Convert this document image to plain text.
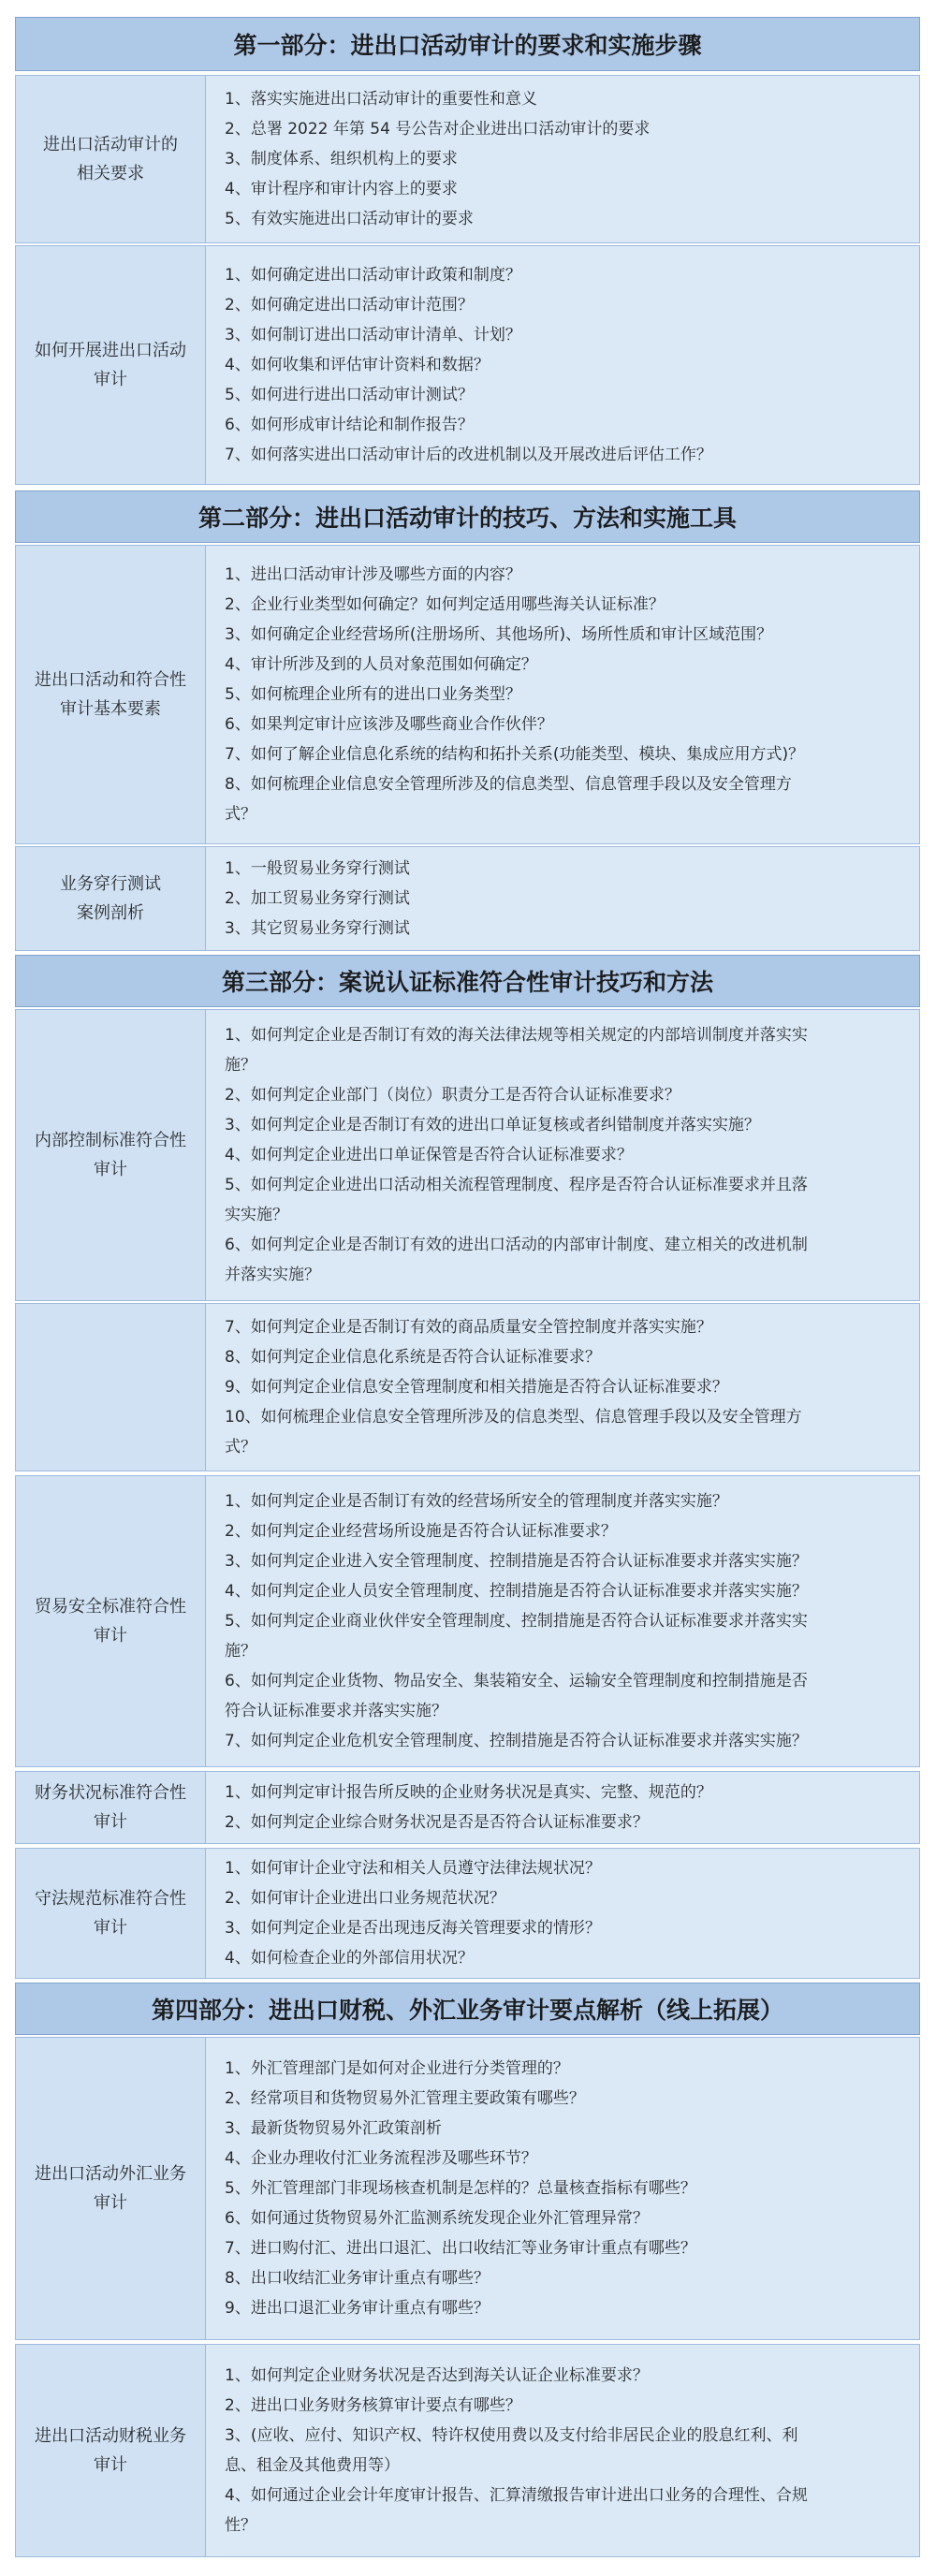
第一部分：进出口活动审计的要求和实施步骤
进出口活动审计的
相关要求
1、落实实施进出口活动审计的重要性和意义
2、总署 2022 年第 54 号公告对企业进出口活动审计的要求
3、制度体系、组织机构上的要求
4、审计程序和审计内容上的要求
5、有效实施进出口活动审计的要求
如何开展进出口活动
审计
1、如何确定进出口活动审计政策和制度？
2、如何确定进出口活动审计范围？
3、如何制订进出口活动审计清单、计划？
4、如何收集和评估审计资料和数据？
5、如何进行进出口活动审计测试？
6、如何形成审计结论和制作报告？
7、如何落实进出口活动审计后的改进机制以及开展改进后评估工作？
第二部分：进出口活动审计的技巧、方法和实施工具
进出口活动和符合性
审计基本要素
1、进出口活动审计涉及哪些方面的内容？
2、企业行业类型如何确定？如何判定适用哪些海关认证标准？
3、如何确定企业经营场所(注册场所、其他场所)、场所性质和审计区域范围？
4、审计所涉及到的人员对象范围如何确定？
5、如何梳理企业所有的进出口业务类型？
6、如果判定审计应该涉及哪些商业合作伙伴？
7、如何了解企业信息化系统的结构和拓扑关系(功能类型、模块、集成应用方式)？
8、如何梳理企业信息安全管理所涉及的信息类型、信息管理手段以及安全管理方
式？
业务穿行测试
案例剖析
1、一般贸易业务穿行测试
2、加工贸易业务穿行测试
3、其它贸易业务穿行测试
第三部分：案说认证标准符合性审计技巧和方法
内部控制标准符合性
审计
1、如何判定企业是否制订有效的海关法律法规等相关规定的内部培训制度并落实实
施？
2、如何判定企业部门（岗位）职责分工是否符合认证标准要求？
3、如何判定企业是否制订有效的进出口单证复核或者纠错制度并落实实施？
4、如何判定企业进出口单证保管是否符合认证标准要求？
5、如何判定企业进出口活动相关流程管理制度、程序是否符合认证标准要求并且落
实实施？
6、如何判定企业是否制订有效的进出口活动的内部审计制度、建立相关的改进机制
并落实实施？
7、如何判定企业是否制订有效的商品质量安全管控制度并落实实施？
8、如何判定企业信息化系统是否符合认证标准要求？
9、如何判定企业信息安全管理制度和相关措施是否符合认证标准要求？
10、如何梳理企业信息安全管理所涉及的信息类型、信息管理手段以及安全管理方
式？
贸易安全标准符合性
审计
1、如何判定企业是否制订有效的经营场所安全的管理制度并落实实施？
2、如何判定企业经营场所设施是否符合认证标准要求？
3、如何判定企业进入安全管理制度、控制措施是否符合认证标准要求并落实实施？
4、如何判定企业人员安全管理制度、控制措施是否符合认证标准要求并落实实施？
5、如何判定企业商业伙伴安全管理制度、控制措施是否符合认证标准要求并落实实
施？
6、如何判定企业货物、物品安全、集装箱安全、运输安全管理制度和控制措施是否
符合认证标准要求并落实实施？
7、如何判定企业危机安全管理制度、控制措施是否符合认证标准要求并落实实施？
财务状况标准符合性
审计
1、如何判定审计报告所反映的企业财务状况是真实、完整、规范的？
2、如何判定企业综合财务状况是否是否符合认证标准要求？
守法规范标准符合性
审计
1、如何审计企业守法和相关人员遵守法律法规状况？
2、如何审计企业进出口业务规范状况？
3、如何判定企业是否出现违反海关管理要求的情形？
4、如何检查企业的外部信用状况？
第四部分：进出口财税、外汇业务审计要点解析（线上拓展）
进出口活动外汇业务
审计
1、外汇管理部门是如何对企业进行分类管理的？
2、经常项目和货物贸易外汇管理主要政策有哪些？
3、最新货物贸易外汇政策剖析
4、企业办理收付汇业务流程涉及哪些环节？
5、外汇管理部门非现场核查机制是怎样的？总量核查指标有哪些？
6、如何通过货物贸易外汇监测系统发现企业外汇管理异常？
7、进口购付汇、进出口退汇、出口收结汇等业务审计重点有哪些？
8、出口收结汇业务审计重点有哪些？
9、进出口退汇业务审计重点有哪些？
进出口活动财税业务
审计
1、如何判定企业财务状况是否达到海关认证企业标准要求？
2、进出口业务财务核算审计要点有哪些？
3、(应收、应付、知识产权、特许权使用费以及支付给非居民企业的股息红利、利
息、租金及其他费用等）
4、如何通过企业会计年度审计报告、汇算清缴报告审计进出口业务的合理性、合规
性？
